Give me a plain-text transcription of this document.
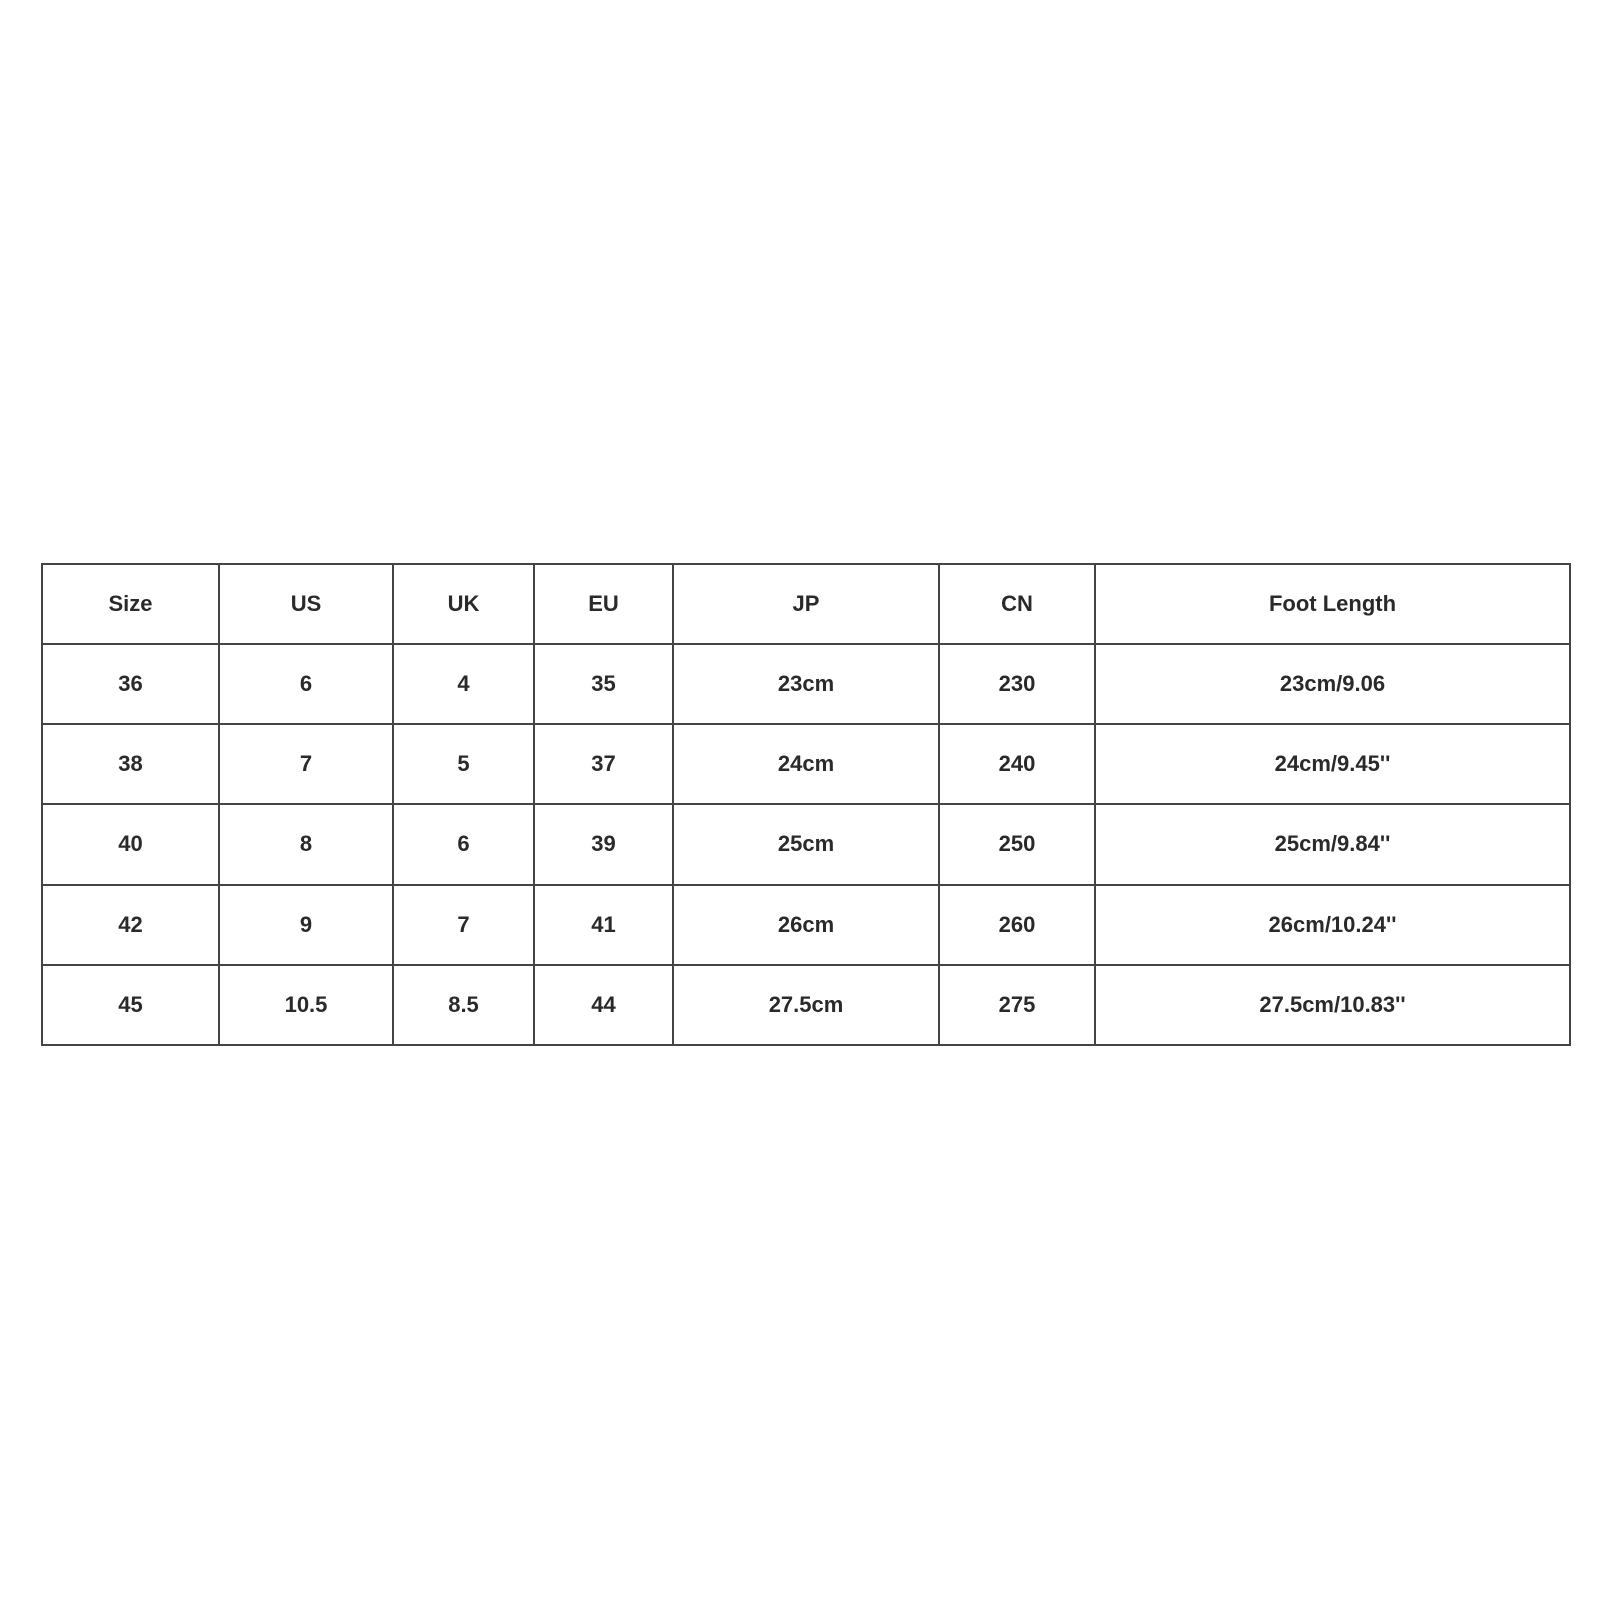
Size	US	UK	EU	JP	CN	Foot Length
36	6	4	35	23cm	230	23cm/9.06
38	7	5	37	24cm	240	24cm/9.45''
40	8	6	39	25cm	250	25cm/9.84''
42	9	7	41	26cm	260	26cm/10.24''
45	10.5	8.5	44	27.5cm	275	27.5cm/10.83''
